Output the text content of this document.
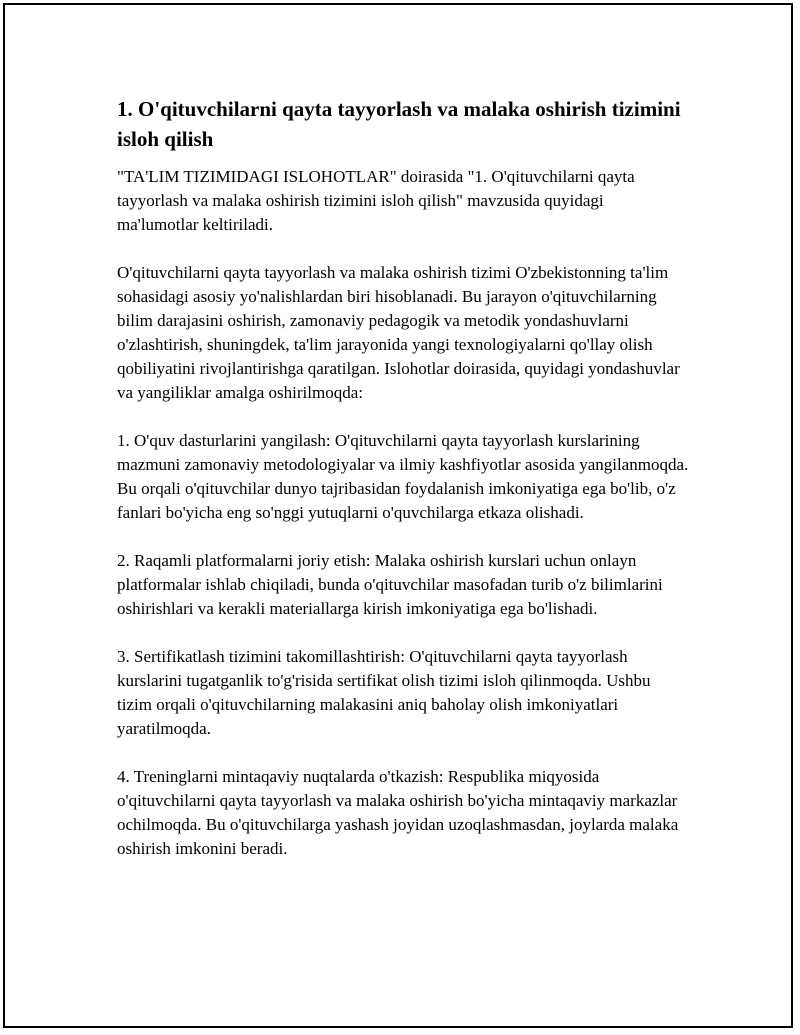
1. O'qituvchilarni qayta tayyorlash va malaka oshirish tizimini isloh qilish

"TA'LIM TIZIMIDAGI ISLOHOTLAR" doirasida "1. O'qituvchilarni qayta tayyorlash va malaka oshirish tizimini isloh qilish" mavzusida quyidagi ma'lumotlar keltiriladi.

O'qituvchilarni qayta tayyorlash va malaka oshirish tizimi O'zbekistonning ta'lim sohasidagi asosiy yo'nalishlardan biri hisoblanadi. Bu jarayon o'qituvchilarning bilim darajasini oshirish, zamonaviy pedagogik va metodik yondashuvlarni o'zlashtirish, shuningdek, ta'lim jarayonida yangi texnologiyalarni qo'llay olish qobiliyatini rivojlantirishga qaratilgan. Islohotlar doirasida, quyidagi yondashuvlar va yangiliklar amalga oshirilmoqda:

1. O'quv dasturlarini yangilash: O'qituvchilarni qayta tayyorlash kurslarining mazmuni zamonaviy metodologiyalar va ilmiy kashfiyotlar asosida yangilanmoqda. Bu orqali o'qituvchilar dunyo tajribasidan foydalanish imkoniyatiga ega bo'lib, o'z fanlari bo'yicha eng so'nggi yutuqlarni o'quvchilarga etkaza olishadi.

2. Raqamli platformalarni joriy etish: Malaka oshirish kurslari uchun onlayn platformalar ishlab chiqiladi, bunda o'qituvchilar masofadan turib o'z bilimlarini oshirishlari va kerakli materiallarga kirish imkoniyatiga ega bo'lishadi.

3. Sertifikatlash tizimini takomillashtirish: O'qituvchilarni qayta tayyorlash kurslarini tugatganlik to'g'risida sertifikat olish tizimi isloh qilinmoqda. Ushbu tizim orqali o'qituvchilarning malakasini aniq baholay olish imkoniyatlari yaratilmoqda.

4. Treninglarni mintaqaviy nuqtalarda o'tkazish: Respublika miqyosida o'qituvchilarni qayta tayyorlash va malaka oshirish bo'yicha mintaqaviy markazlar ochilmoqda. Bu o'qituvchilarga yashash joyidan uzoqlashmasdan, joylarda malaka oshirish imkonini beradi.
